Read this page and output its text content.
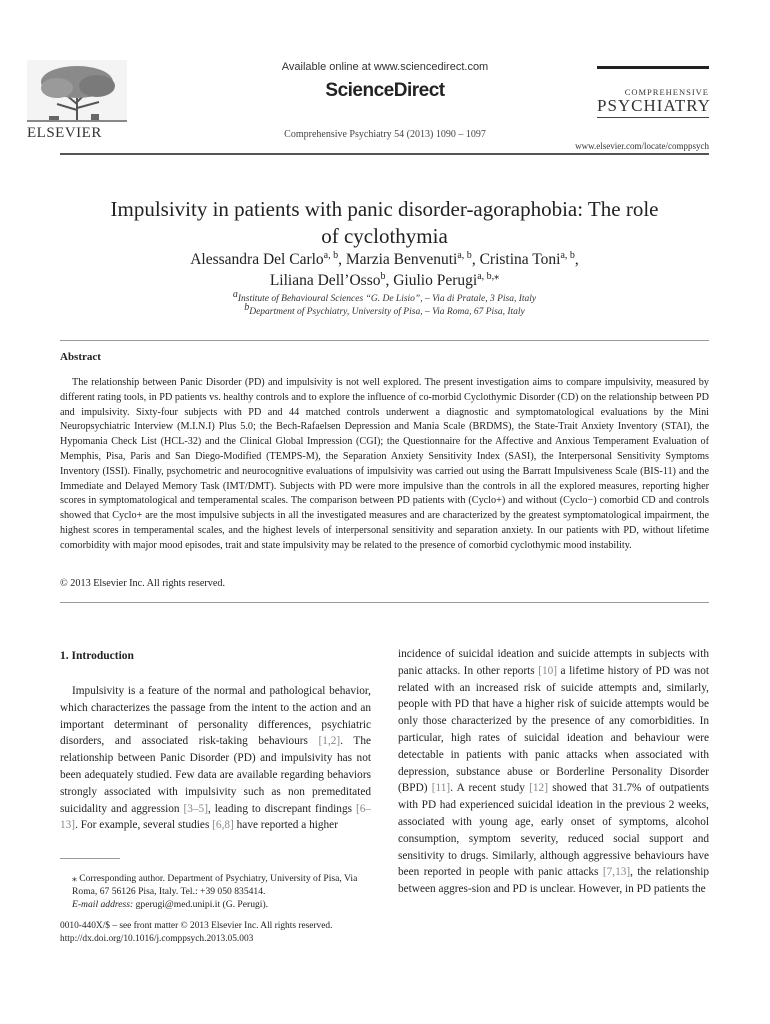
ELSEVIER
Available online at www.sciencedirect.com
ScienceDirect
Comprehensive Psychiatry 54 (2013) 1090 – 1097
COMPREHENSIVE
PSYCHIATRY
www.elsevier.com/locate/comppsych
Impulsivity in patients with panic disorder-agoraphobia: The role
of cyclothymia
Alessandra Del Carlo$^{a, b}$, Marzia Benvenuti$^{a, b}$, Cristina Toni$^{a, b}$,
Liliana Dell’Osso$^b$, Giulio Perugi$^{a, b,⁎}$
$^a$Institute of Behavioural Sciences “G. De Lisio”, – Via di Pratale, 3 Pisa, Italy
$^b$Department of Psychiatry, University of Pisa, – Via Roma, 67 Pisa, Italy
Abstract

The relationship between Panic Disorder (PD) and impulsivity is not well explored. The present investigation aims to compare impulsivity, measured by different rating tools, in PD patients vs. healthy controls and to explore the influence of co-morbid Cyclothymic Disorder (CD) on the relationship between PD and impulsivity. Sixty-four subjects with PD and 44 matched controls underwent a diagnostic and symptomatological evaluations by the Mini Neuropsychiatric Interview (M.I.N.I) Plus 5.0; the Bech-Rafaelsen Depression and Mania Scale (BRDMS), the State-Trait Anxiety Inventory (STAI), the Hypomania Check List (HCL-32) and the Clinical Global Impression (CGI); the Questionnaire for the Affective and Anxious Temperament Evaluation of Memphis, Pisa, Paris and San Diego-Modified (TEMPS-M), the Separation Anxiety Sensitivity Index (SASI), the Interpersonal Sensitivity Symptoms Inventory (ISSI). Finally, psychometric and neurocognitive evaluations of impulsivity was carried out using the Barratt Impulsiveness Scale (BIS-11) and the Immediate and Delayed Memory Task (IMT/DMT). Subjects with PD were more impulsive than the controls in all the explored measures, reporting higher scores in symptomatological and temperamental scales. The comparison between PD patients with (Cyclo+) and without (Cyclo−) comorbid CD and controls showed that Cyclo+ are the most impulsive subjects in all the investigated measures and are characterized by the greatest symptomatological impairment, the highest scores in temperamental scales, and the highest levels of interpersonal sensitivity and separation anxiety. In our patients with PD, without lifetime comorbidity with major mood episodes, trait and state impulsivity may be related to the presence of comorbid cyclothymic mood instability.

© 2013 Elsevier Inc. All rights reserved.
1. Introduction

Impulsivity is a feature of the normal and pathological behavior, which characterizes the passage from the intent to the action and an important determinant of personality differences, psychiatric disorders, and associated risk-taking behaviours [1,2]. The relationship between Panic Disorder (PD) and impulsivity has not been adequately studied. Few data are available regarding behaviors strongly associated with impulsivity such as non premeditated suicidality and aggression [3–5], leading to discrepant findings [6–13]. For example, several studies [6,8] have reported a higher

incidence of suicidal ideation and suicide attempts in subjects with panic attacks. In other reports [10] a lifetime history of PD was not related with an increased risk of suicide attempts and, similarly, people with PD that have a higher risk of suicide attempts would be only those characterized by the presence of any comorbidities. In particular, high rates of suicidal ideation and behaviour were detectable in patients with panic attacks when associated with depression, substance abuse or Borderline Personality Disorder (BPD) [11]. A recent study [12] showed that 31.7% of outpatients with PD had experienced suicidal ideation in the previous 2 weeks, associated with young age, early onset of symptoms, alcohol consumption, symptom severity, reduced social support and sensitivity to drugs. Similarly, although aggressive behaviours have been reported in people with panic attacks [7,13], the relationship between aggres-sion and PD is unclear. However, in PD patients the

⁎ Corresponding author. Department of Psychiatry, University of Pisa, Via Roma, 67 56126 Pisa, Italy. Tel.: +39 050 835414.
E-mail address: gperugi@med.unipi.it (G. Perugi).
0010-440X/$ – see front matter © 2013 Elsevier Inc. All rights reserved.
http://dx.doi.org/10.1016/j.comppsych.2013.05.003
